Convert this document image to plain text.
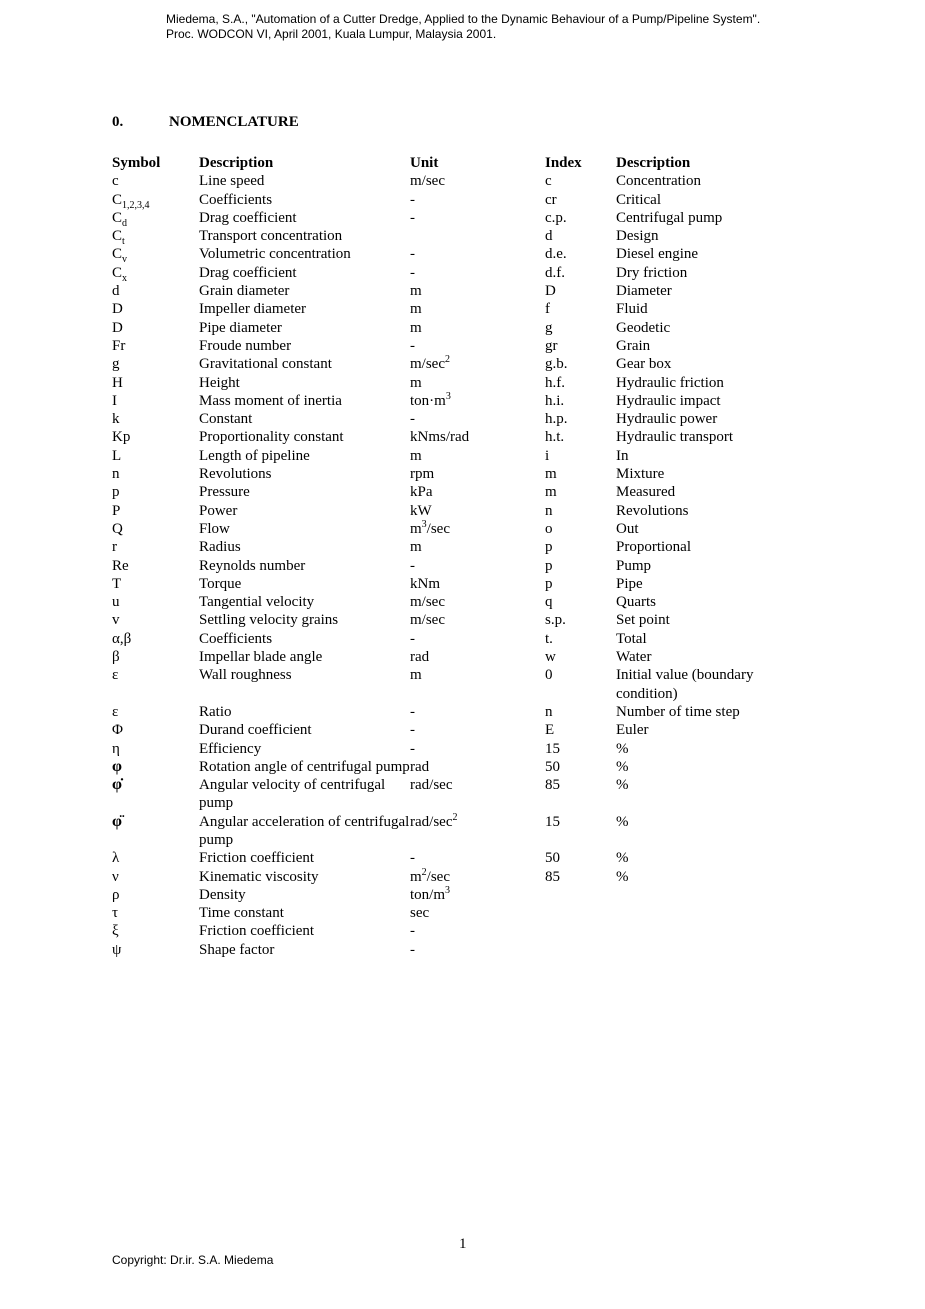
Miedema, S.A., "Automation of a Cutter Dredge, Applied to the Dynamic Behaviour of a Pump/Pipeline System".
Proc. WODCON VI, April 2001, Kuala Lumpur, Malaysia 2001.
0.	NOMENCLATURE
Symbol	Description	Unit	Index	Description
c	Line speed	m/sec	c	Concentration
$C_{1,2,3,4}$	Coefficients	-	cr	Critical
$C_d$	Drag coefficient	-	c.p.	Centrifugal pump
$C_t$	Transport concentration		d	Design
$C_v$	Volumetric concentration	-	d.e.	Diesel engine
$C_x$	Drag coefficient	-	d.f.	Dry friction
d	Grain diameter	m	D	Diameter
D	Impeller diameter	m	f	Fluid
D	Pipe diameter	m	g	Geodetic
Fr	Froude number	-	gr	Grain
g	Gravitational constant	$m/\sec^2$	g.b.	Gear box
H	Height	m	h.f.	Hydraulic friction
I	Mass moment of inertia	$ton\cdot m^3$	h.i.	Hydraulic impact
k	Constant	-	h.p.	Hydraulic power
Kp	Proportionality constant	kNms/rad	h.t.	Hydraulic transport
L	Length of pipeline	m	i	In
n	Revolutions	rpm	m	Mixture
p	Pressure	kPa	m	Measured
P	Power	kW	n	Revolutions
Q	Flow	$m^3/\sec$	o	Out
r	Radius	m	p	Proportional
Re	Reynolds number	-	p	Pump
T	Torque	kNm	p	Pipe
u	Tangential velocity	m/sec	q	Quarts
v	Settling velocity grains	m/sec	s.p.	Set point
α,β	Coefficients	-	t.	Total
β	Impellar blade angle	rad	w	Water
ε	Wall roughness	m	0	Initial value (boundary condition)
ε	Ratio	-	n	Number of time step
Φ	Durand coefficient	-	E	Euler
η	Efficiency	-	15	%
φ	Rotation angle of centrifugal pump	rad	50	%
φ̇	Angular velocity of centrifugal pump	rad/sec	85	%
φ̈	Angular acceleration of centrifugal pump	rad/$\sec^2$	15	%
λ	Friction coefficient	-	50	%
ν	Kinematic viscosity	$m^2/\sec$	85	%
ρ	Density	ton/$m^3$		
τ	Time constant	sec		
ξ	Friction coefficient	-		
ψ	Shape factor	-		
1
Copyright: Dr.ir. S.A. Miedema
